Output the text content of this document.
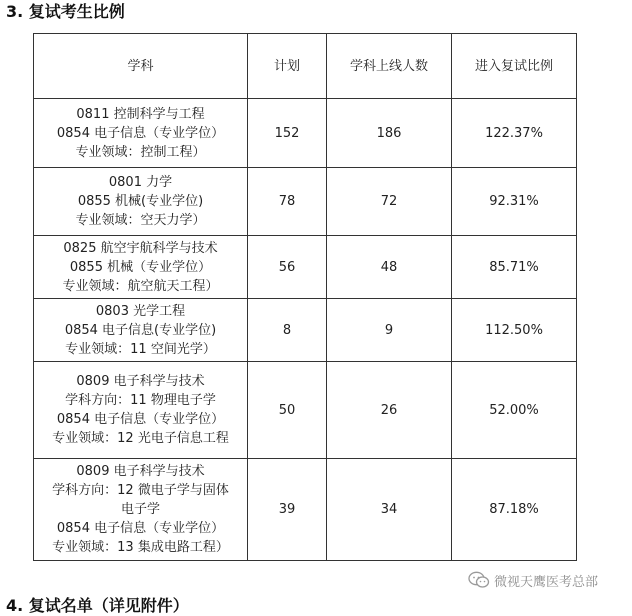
3. 复试考生比例
学科	计划	学科上线人数	进入复试比例

0811 控制科学与工程
0854 电子信息（专业学位）
专业领域：控制工程）	152	186	122.37%

0801 力学
0855 机械(专业学位)
专业领域：空天力学）	78	72	92.31%

0825 航空宇航科学与技术
0855 机械（专业学位）
专业领域：航空航天工程）	56	48	85.71%

0803 光学工程
0854 电子信息(专业学位)
专业领域：11 空间光学）	8	9	112.50%

0809 电子科学与技术
学科方向：11 物理电子学
0854 电子信息（专业学位）
专业领域：12 光电子信息工程	50	26	52.00%

0809 电子科学与技术
学科方向：12 微电子学与固体
电子学
0854 电子信息（专业学位）
专业领域：13 集成电路工程）	39	34	87.18%
微视天鹰医考总部
4. 复试名单（详见附件）
